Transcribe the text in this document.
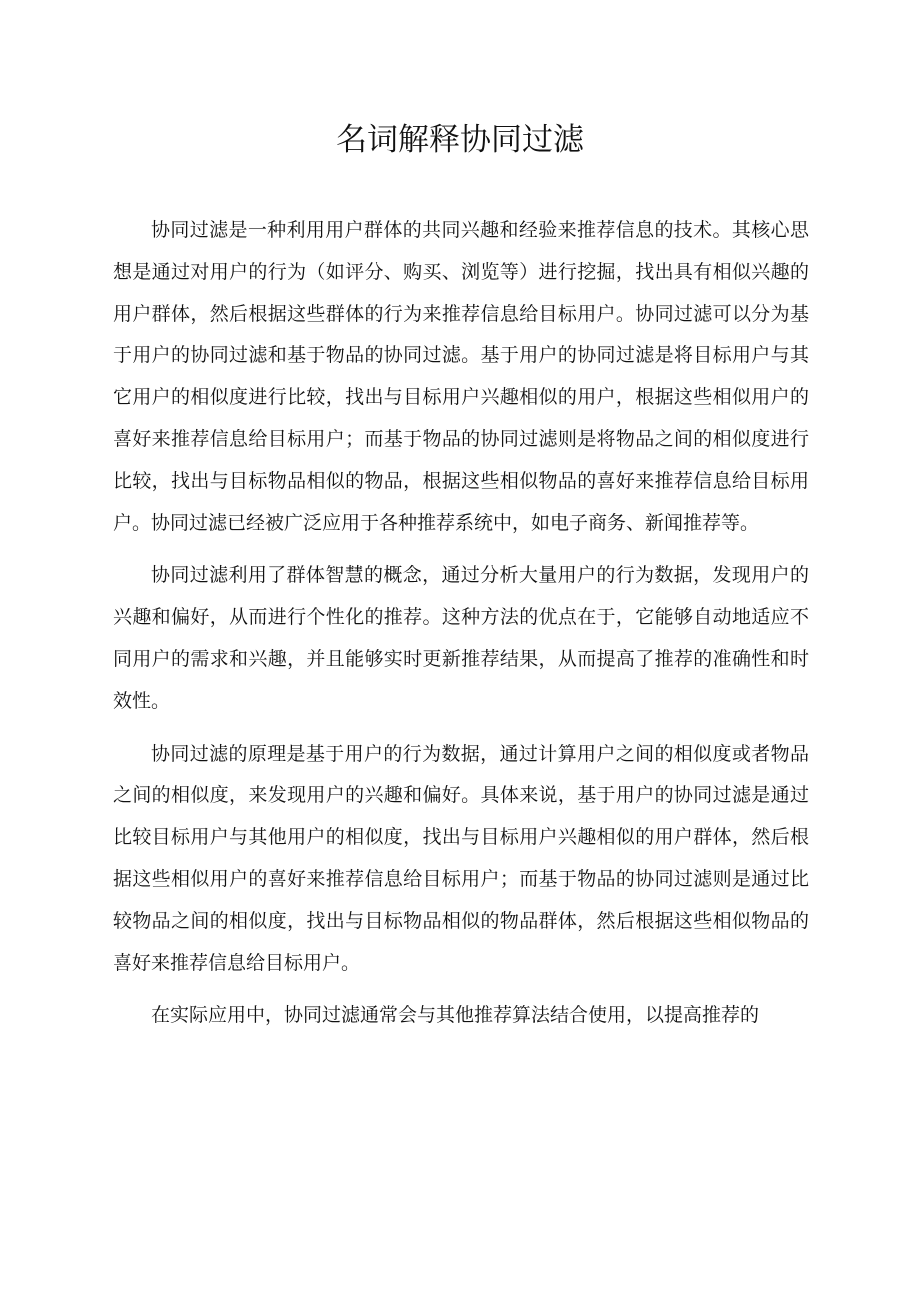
名词解释协同过滤

协同过滤是一种利用用户群体的共同兴趣和经验来推荐信息的技术。其核心思想是通过对用户的行为（如评分、购买、浏览等）进行挖掘，找出具有相似兴趣的用户群体，然后根据这些群体的行为来推荐信息给目标用户。协同过滤可以分为基于用户的协同过滤和基于物品的协同过滤。基于用户的协同过滤是将目标用户与其它用户的相似度进行比较，找出与目标用户兴趣相似的用户，根据这些相似用户的喜好来推荐信息给目标用户；而基于物品的协同过滤则是将物品之间的相似度进行比较，找出与目标物品相似的物品，根据这些相似物品的喜好来推荐信息给目标用户。协同过滤已经被广泛应用于各种推荐系统中，如电子商务、新闻推荐等。

协同过滤利用了群体智慧的概念，通过分析大量用户的行为数据，发现用户的兴趣和偏好，从而进行个性化的推荐。这种方法的优点在于，它能够自动地适应不同用户的需求和兴趣，并且能够实时更新推荐结果，从而提高了推荐的准确性和时效性。

协同过滤的原理是基于用户的行为数据，通过计算用户之间的相似度或者物品之间的相似度，来发现用户的兴趣和偏好。具体来说，基于用户的协同过滤是通过比较目标用户与其他用户的相似度，找出与目标用户兴趣相似的用户群体，然后根据这些相似用户的喜好来推荐信息给目标用户；而基于物品的协同过滤则是通过比较物品之间的相似度，找出与目标物品相似的物品群体，然后根据这些相似物品的喜好来推荐信息给目标用户。

在实际应用中，协同过滤通常会与其他推荐算法结合使用，以提高推荐的
